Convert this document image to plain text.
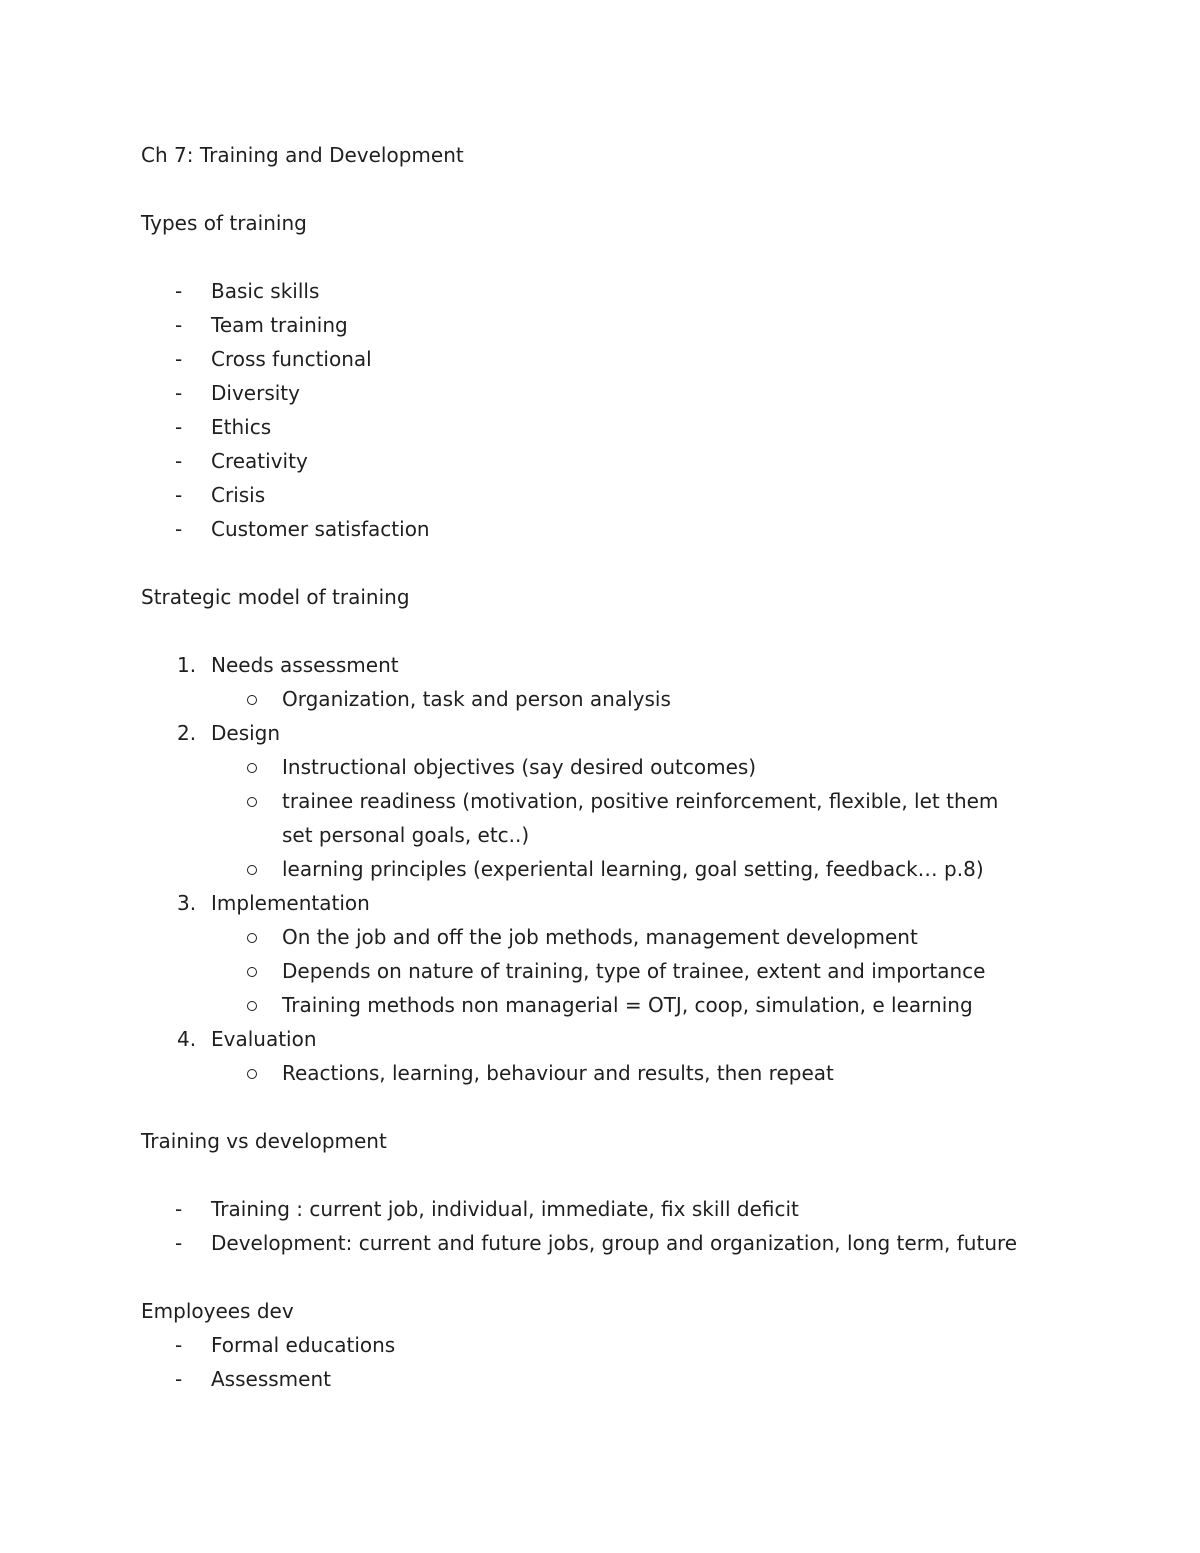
Ch 7: Training and Development
Types of training
- Basic skills
- Team training
- Cross functional
- Diversity
- Ethics
- Creativity
- Crisis
- Customer satisfaction
Strategic model of training
1. Needs assessment
Organization, task and person analysis
2. Design
Instructional objectives (say desired outcomes)
trainee readiness (motivation, positive reinforcement, flexible, let them set personal goals, etc..)
learning principles (experiental learning, goal setting, feedback… p.8)
3. Implementation
On the job and off the job methods, management development
Depends on nature of training, type of trainee, extent and importance
Training methods non managerial = OTJ, coop, simulation, e learning
4. Evaluation
Reactions, learning, behaviour and results, then repeat
Training vs development
- Training : current job, individual, immediate, fix skill deficit
- Development: current and future jobs, group and organization, long term, future
Employees dev
- Formal educations
- Assessment
